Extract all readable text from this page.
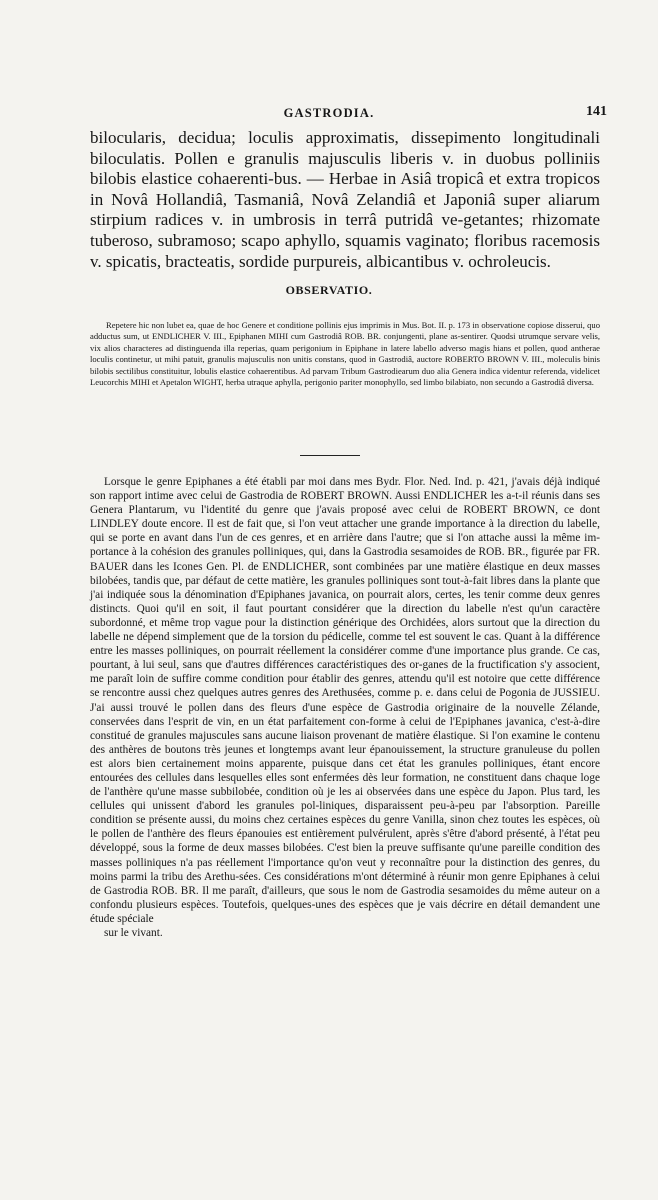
GASTRODIA.	141

bilocularis, decidua; loculis approximatis, dissepimento longitudinali biloculatis. Pollen e granulis majusculis liberis v. in duobus polliniis bilobis elastice cohaerenti-bus. — Herbae in Asiâ tropicâ et extra tropicos in Novâ Hollandiâ, Tasmaniâ, Novâ Zelandiâ et Japoniâ super aliarum stirpium radices v. in umbrosis in terrâ putridâ ve-getantes; rhizomate tuberoso, subramoso; scapo aphyllo, squamis vaginato; floribus racemosis v. spicatis, bracteatis, sordide purpureis, albicantibus v. ochroleucis.

OBSERVATIO.

Repetere hic non lubet ea, quae de hoc Genere et conditione pollinis ejus imprimis in Mus. Bot. II. p. 173 in observatione copiose disserui, quo adductus sum, ut ENDLICHER V. III., Epiphanen MIHI cum Gastrodiâ ROB. BR. conjungenti, plane as-sentirer. Quodsi utrumque servare velis, vix alios characteres ad distinguenda illa reperias, quam perigonium in Epiphane in latere labello adverso magis hians et pollen, quod antherae loculis continetur, ut mihi patuit, granulis majusculis non unitis constans, quod in Gastrodiâ, auctore ROBERTO BROWN V. III., moleculis binis bilobis sectilibus constituitur, lobulis elastice cohaerentibus. Ad parvam Tribum Gastrodiearum duo alia Genera indica videntur referenda, videlicet Leucorchis MIHI et Apetalon WIGHT, herba utraque aphylla, perigonio pariter monophyllo, sed limbo bilabiato, non secundo a Gastrodiâ diversa.

Lorsque le genre Epiphanes a été établi par moi dans mes Bydr. Flor. Ned. Ind. p. 421, j'avais déjà indiqué son rapport intime avec celui de Gastrodia de ROBERT BROWN. Aussi ENDLICHER les a-t-il réunis dans ses Genera Plantarum, vu l'identité du genre que j'avais proposé avec celui de ROBERT BROWN, ce dont LINDLEY doute encore. Il est de fait que, si l'on veut attacher une grande importance à la direction du labelle, qui se porte en avant dans l'un de ces genres, et en arrière dans l'autre; que si l'on attache aussi la même im-portance à la cohésion des granules polliniques, qui, dans la Gastrodia sesamoides de ROB. BR., figurée par FR. BAUER dans les Icones Gen. Pl. de ENDLICHER, sont combinées par une matière élastique en deux masses bilobées, tandis que, par défaut de cette matière, les granules polliniques sont tout-à-fait libres dans la plante que j'ai indiquée sous la dénomination d'Epiphanes javanica, on pourrait alors, certes, les tenir comme deux genres distincts. Quoi qu'il en soit, il faut pourtant considérer que la direction du labelle n'est qu'un caractère subordonné, et même trop vague pour la distinction générique des Orchidées, alors surtout que la direction du labelle ne dépend simplement que de la torsion du pédicelle, comme tel est souvent le cas. Quant à la différence entre les masses polliniques, on pourrait réellement la considérer comme d'une importance plus grande. Ce cas, pourtant, à lui seul, sans que d'autres différences caractéristiques des or-ganes de la fructification s'y associent, me paraît loin de suffire comme condition pour établir des genres, attendu qu'il est notoire que cette différence se rencontre aussi chez quelques autres genres des Arethusées, comme p. e. dans celui de Pogonia de JUSSIEU. J'ai aussi trouvé le pollen dans des fleurs d'une espèce de Gastrodia originaire de la nouvelle Zélande, conservées dans l'esprit de vin, en un état parfaitement con-forme à celui de l'Epiphanes javanica, c'est-à-dire constitué de granules majuscules sans aucune liaison provenant de matière élastique. Si l'on examine le contenu des anthères de boutons très jeunes et longtemps avant leur épanouissement, la structure granuleuse du pollen est alors bien certainement moins apparente, puisque dans cet état les granules polliniques, étant encore entourées des cellules dans lesquelles elles sont enfermées dès leur formation, ne constituent dans chaque loge de l'anthère qu'une masse subbilobée, condition où je les ai observées dans une espèce du Japon. Plus tard, les cellules qui unissent d'abord les granules pol-liniques, disparaissent peu-à-peu par l'absorption. Pareille condition se présente aussi, du moins chez certaines espèces du genre Vanilla, sinon chez toutes les espèces, où le pollen de l'anthère des fleurs épanouies est entièrement pulvérulent, après s'être d'abord présenté, à l'état peu développé, sous la forme de deux masses bilobées. C'est bien la preuve suffisante qu'une pareille condition des masses polliniques n'a pas réellement l'importance qu'on veut y reconnaître pour la distinction des genres, du moins parmi la tribu des Arethu-sées. Ces considérations m'ont déterminé à réunir mon genre Epiphanes à celui de Gastrodia ROB. BR. Il me paraît, d'ailleurs, que sous le nom de Gastrodia sesamoides du même auteur on a confondu plusieurs espèces. Toutefois, quelques-unes des espèces que je vais décrire en détail demandent une étude spéciale
sur le vivant.
